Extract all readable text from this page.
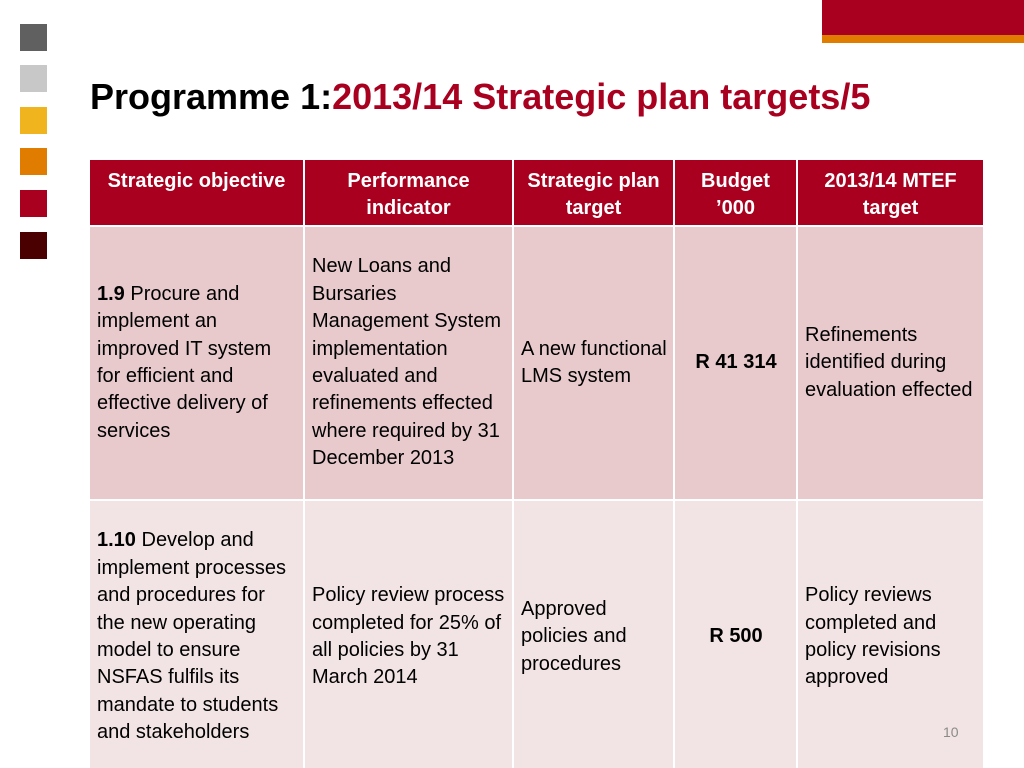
Programme 1:2013/14 Strategic plan targets/5
Strategic objective	Performance indicator	Strategic plan target	Budget ’000	2013/14 MTEF target
1.9 Procure and implement an improved IT system for efficient and effective delivery of services	New Loans and Bursaries Management System implementation evaluated and refinements effected where required by 31 December 2013	A new functional LMS system	R 41 314	Refinements identified during evaluation effected
1.10 Develop and implement processes and procedures for the new operating model to ensure NSFAS fulfils its mandate to students and stakeholders	Policy review process completed for 25% of all policies by 31 March 2014	Approved policies and procedures	R 500	Policy reviews completed and policy revisions approved
10
